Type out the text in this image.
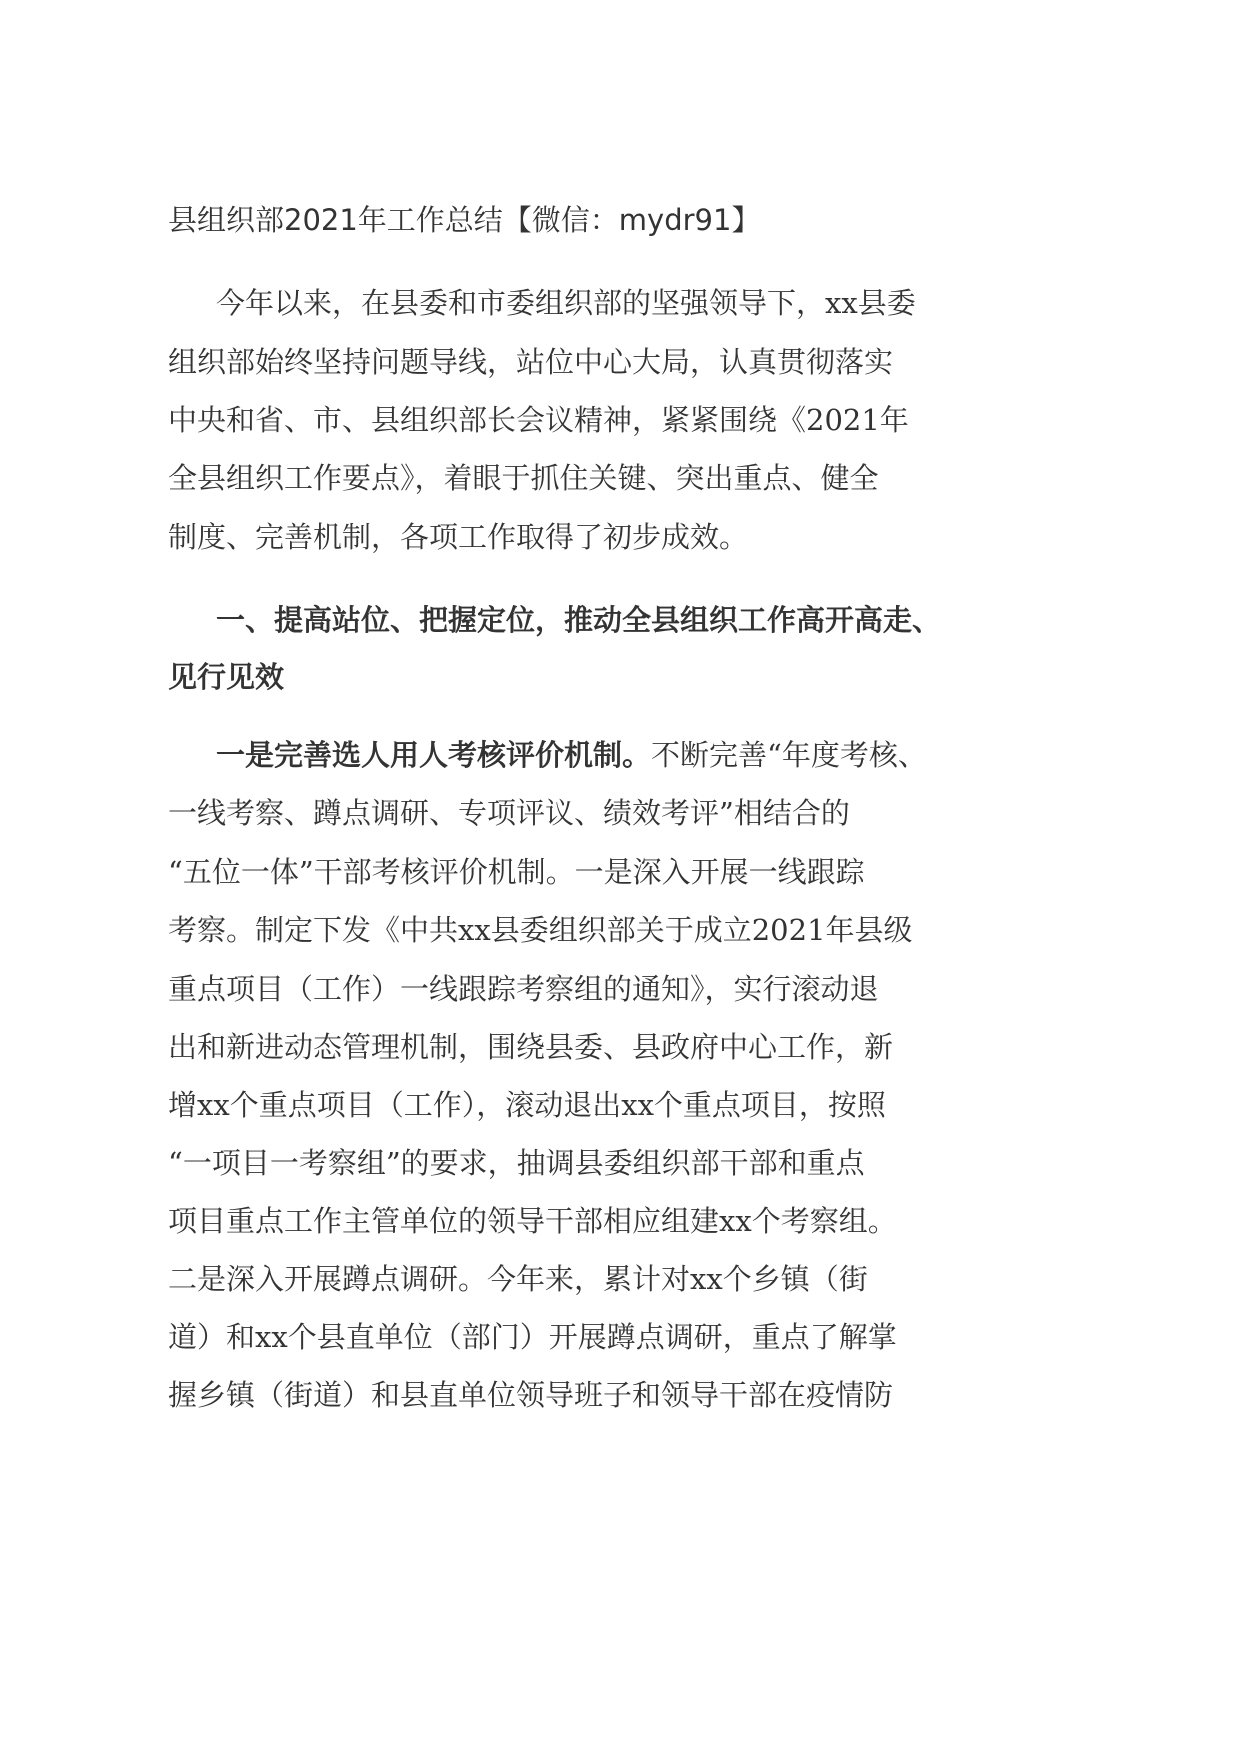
县组织部2021年工作总结【微信：mydr91】
今年以来，在县委和市委组织部的坚强领导下，xx县委
组织部始终坚持问题导线，站位中心大局，认真贯彻落实
中央和省、市、县组织部长会议精神，紧紧围绕《2021年
全县组织工作要点》，着眼于抓住关键、突出重点、健全
制度、完善机制，各项工作取得了初步成效。
一、提高站位、把握定位，推动全县组织工作高开高走、
见行见效
一是完善选人用人考核评价机制。不断完善“年度考核、
一线考察、蹲点调研、专项评议、绩效考评”相结合的
“五位一体”干部考核评价机制。一是深入开展一线跟踪
考察。制定下发《中共xx县委组织部关于成立2021年县级
重点项目（工作）一线跟踪考察组的通知》，实行滚动退
出和新进动态管理机制，围绕县委、县政府中心工作，新
增xx个重点项目（工作），滚动退出xx个重点项目，按照
“一项目一考察组”的要求，抽调县委组织部干部和重点
项目重点工作主管单位的领导干部相应组建xx个考察组。
二是深入开展蹲点调研。今年来，累计对xx个乡镇（街
道）和xx个县直单位（部门）开展蹲点调研，重点了解掌
握乡镇（街道）和县直单位领导班子和领导干部在疫情防
